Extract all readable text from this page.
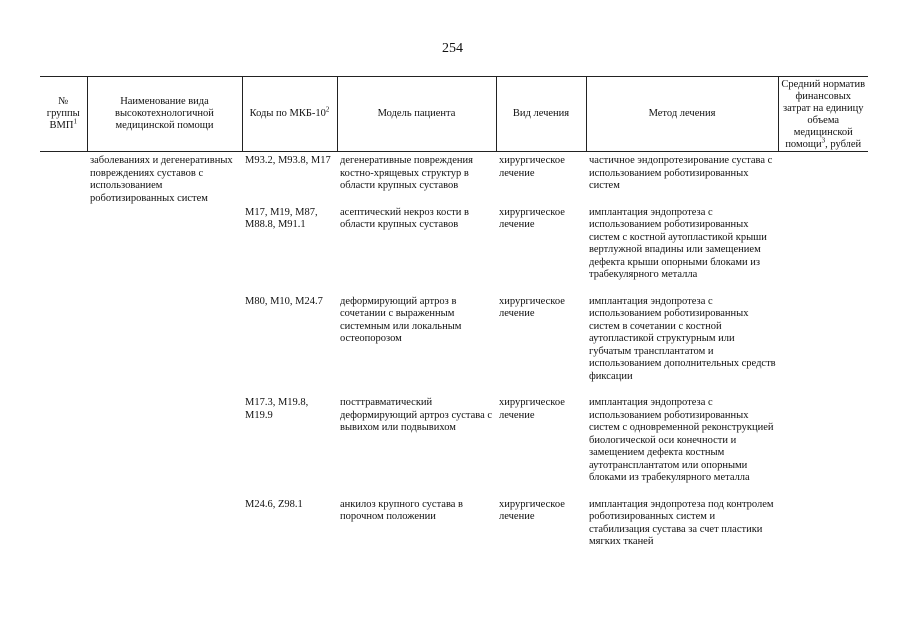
254
№ группы ВМП$^1$	Наименование вида высокотехнологичной медицинской помощи	Коды по МКБ-$10^2$	Модель пациента	Вид лечения	Метод лечения	Средний норматив финансовых затрат на единицу объема медицинской помощи$^3$, рублей
	заболеваниях и дегенеративных повреждениях суставов с использованием роботизированных систем	M93.2, M93.8, M17	дегенеративные повреждения костно-хрящевых структур в области крупных суставов	хирургическое лечение	частичное эндопротезирование сустава с использованием роботизированных систем	
		M17, M19, M87, M88.8, M91.1	асептический некроз кости в области крупных суставов	хирургическое лечение	имплантация эндопротеза с использованием роботизированных систем с костной аутопластикой крыши вертлужной впадины или замещением дефекта крыши опорными блоками из трабекулярного металла	
		M80, M10, M24.7	деформирующий артроз в сочетании с выраженным системным или локальным остеопорозом	хирургическое лечение	имплантация эндопротеза с использованием роботизированных систем в сочетании с костной аутопластикой структурным или губчатым трансплантатом и использованием дополнительных средств фиксации	
		M17.3, M19.8, M19.9	посттравматический деформирующий артроз сустава с вывихом или подвывихом	хирургическое лечение	имплантация эндопротеза с использованием роботизированных систем с одновременной реконструкцией биологической оси конечности и замещением дефекта костным аутотрансплантатом или опорными блоками из трабекулярного металла	
		M24.6, Z98.1	анкилоз крупного сустава в порочном положении	хирургическое лечение	имплантация эндопротеза под контролем роботизированных систем и стабилизация сустава за счет пластики мягких тканей	
